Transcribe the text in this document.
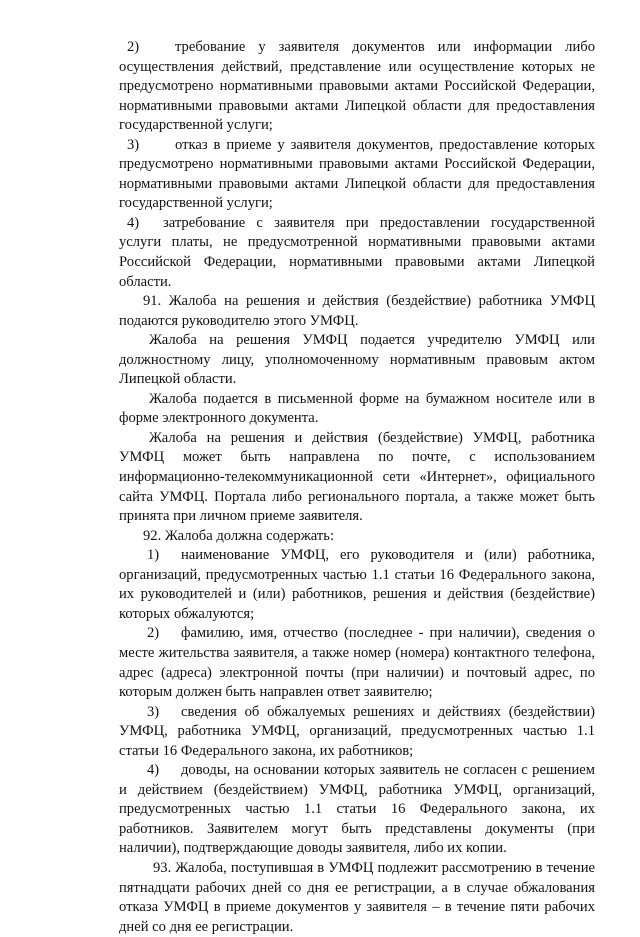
2) требование у заявителя документов или информации либо осуществления действий, представление или осуществление которых не предусмотрено нормативными правовыми актами Российской Федерации, нормативными правовыми актами Липецкой области для предоставления государственной услуги;

3) отказ в приеме у заявителя документов, предоставление которых предусмотрено нормативными правовыми актами Российской Федерации, нормативными правовыми актами Липецкой области для предоставления государственной услуги;

4) затребование с заявителя при предоставлении государственной услуги платы, не предусмотренной нормативными правовыми актами Российской Федерации, нормативными правовыми актами Липецкой области.

91. Жалоба на решения и действия (бездействие) работника УМФЦ подаются руководителю этого УМФЦ.

Жалоба на решения УМФЦ подается учредителю УМФЦ или должностному лицу, уполномоченному нормативным правовым актом Липецкой области.

Жалоба подается в письменной форме на бумажном носителе или в форме электронного документа.

Жалоба на решения и действия (бездействие) УМФЦ, работника УМФЦ может быть направлена по почте, с использованием информационно-телекоммуникационной сети «Интернет», официального сайта УМФЦ. Портала либо регионального портала, а также может быть принята при личном приеме заявителя.

92. Жалоба должна содержать:

1) наименование УМФЦ, его руководителя и (или) работника, организаций, предусмотренных частью 1.1 статьи 16 Федерального закона, их руководителей и (или) работников, решения и действия (бездействие) которых обжалуются;

2) фамилию, имя, отчество (последнее - при наличии), сведения о месте жительства заявителя, а также номер (номера) контактного телефона, адрес (адреса) электронной почты (при наличии) и почтовый адрес, по которым должен быть направлен ответ заявителю;

3) сведения об обжалуемых решениях и действиях (бездействии) УМФЦ, работника УМФЦ, организаций, предусмотренных частью 1.1 статьи 16 Федерального закона, их работников;

4) доводы, на основании которых заявитель не согласен с решением и действием (бездействием) УМФЦ, работника УМФЦ, организаций, предусмотренных частью 1.1 статьи 16 Федерального закона, их работников. Заявителем могут быть представлены документы (при наличии), подтверждающие доводы заявителя, либо их копии.

93. Жалоба, поступившая в УМФЦ подлежит рассмотрению в течение пятнадцати рабочих дней со дня ее регистрации, а в случае обжалования отказа УМФЦ в приеме документов у заявителя – в течение пяти рабочих дней со дня ее регистрации.
